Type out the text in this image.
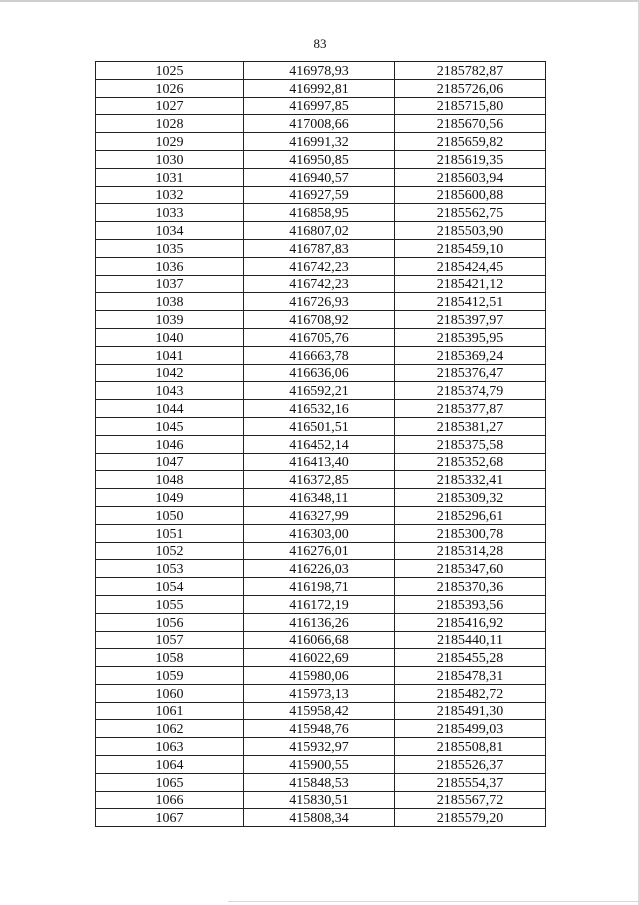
83
1025	416978,93	2185782,87
1026	416992,81	2185726,06
1027	416997,85	2185715,80
1028	417008,66	2185670,56
1029	416991,32	2185659,82
1030	416950,85	2185619,35
1031	416940,57	2185603,94
1032	416927,59	2185600,88
1033	416858,95	2185562,75
1034	416807,02	2185503,90
1035	416787,83	2185459,10
1036	416742,23	2185424,45
1037	416742,23	2185421,12
1038	416726,93	2185412,51
1039	416708,92	2185397,97
1040	416705,76	2185395,95
1041	416663,78	2185369,24
1042	416636,06	2185376,47
1043	416592,21	2185374,79
1044	416532,16	2185377,87
1045	416501,51	2185381,27
1046	416452,14	2185375,58
1047	416413,40	2185352,68
1048	416372,85	2185332,41
1049	416348,11	2185309,32
1050	416327,99	2185296,61
1051	416303,00	2185300,78
1052	416276,01	2185314,28
1053	416226,03	2185347,60
1054	416198,71	2185370,36
1055	416172,19	2185393,56
1056	416136,26	2185416,92
1057	416066,68	2185440,11
1058	416022,69	2185455,28
1059	415980,06	2185478,31
1060	415973,13	2185482,72
1061	415958,42	2185491,30
1062	415948,76	2185499,03
1063	415932,97	2185508,81
1064	415900,55	2185526,37
1065	415848,53	2185554,37
1066	415830,51	2185567,72
1067	415808,34	2185579,20
